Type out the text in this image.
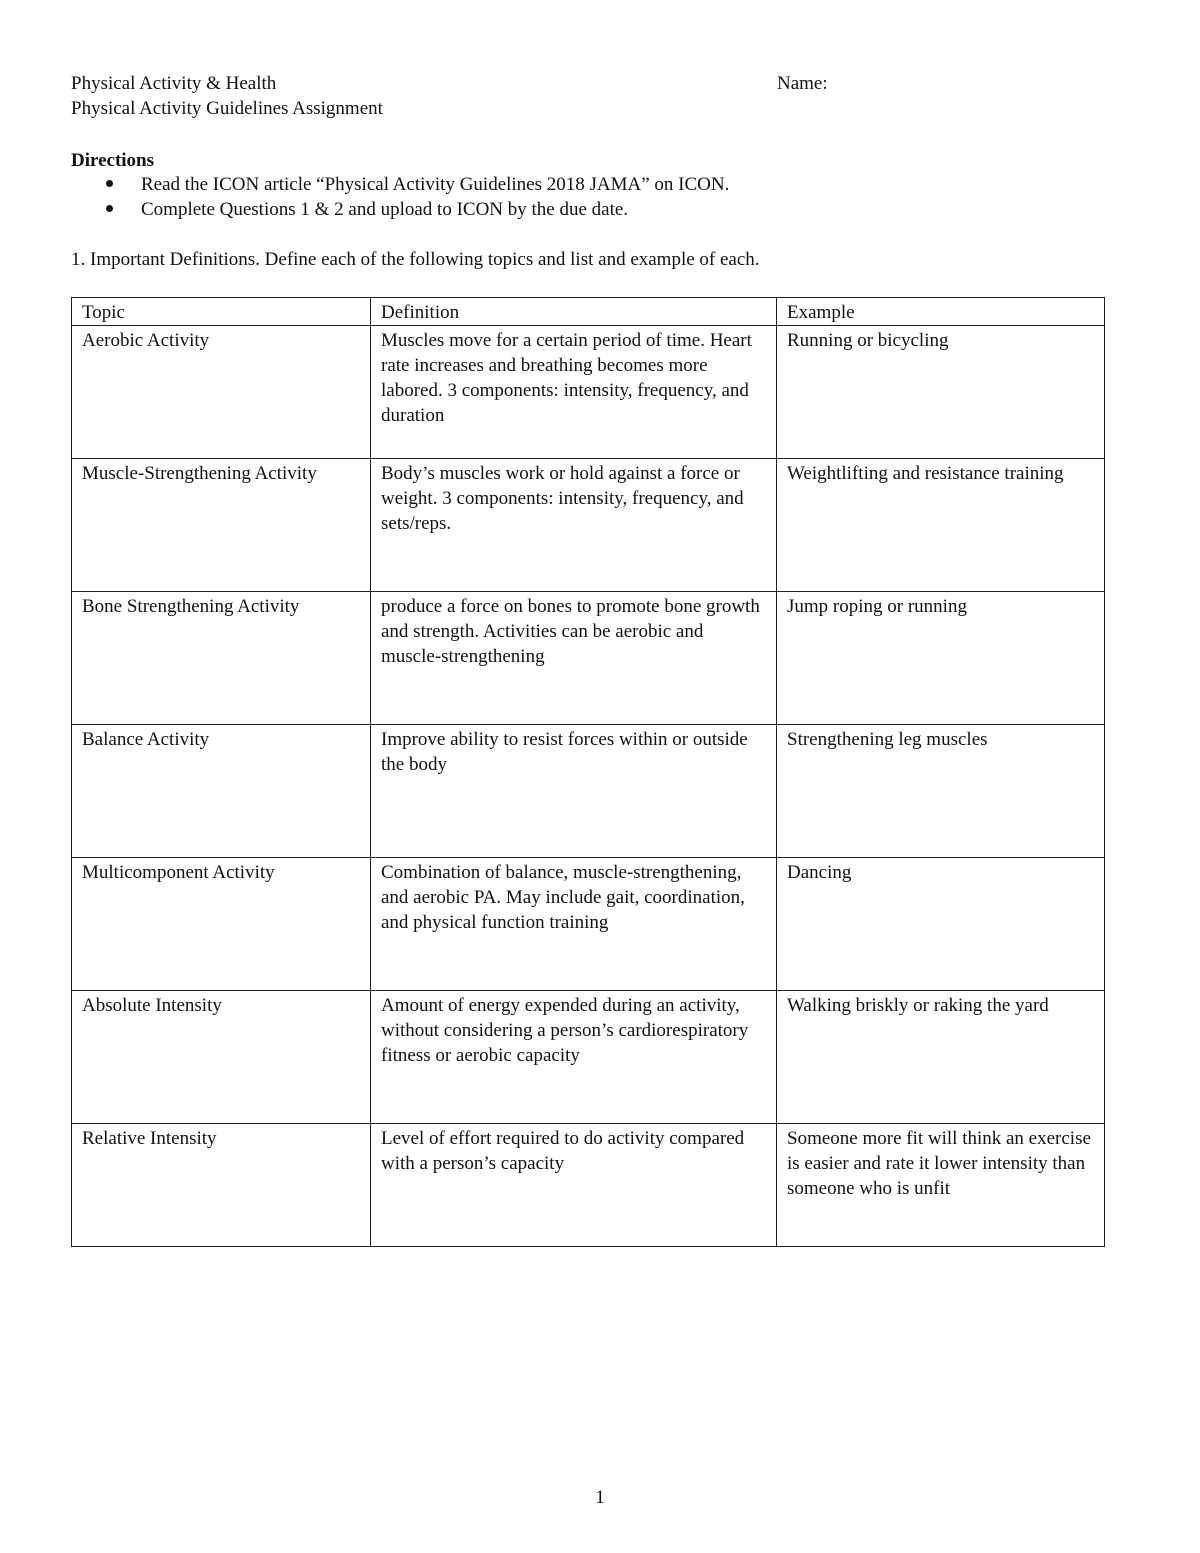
Physical Activity & Health	Name:
Physical Activity Guidelines Assignment
Directions
Read the ICON article “Physical Activity Guidelines 2018 JAMA” on ICON.
Complete Questions 1 & 2 and upload to ICON by the due date.
1. Important Definitions. Define each of the following topics and list and example of each.
Topic	Definition	Example
Aerobic Activity	Muscles move for a certain period of time. Heart rate increases and breathing becomes more labored. 3 components: intensity, frequency, and duration	Running or bicycling
Muscle-Strengthening Activity	Body’s muscles work or hold against a force or weight. 3 components: intensity, frequency, and sets/reps.	Weightlifting and resistance training
Bone Strengthening Activity	produce a force on bones to promote bone growth and strength. Activities can be aerobic and muscle-strengthening	Jump roping or running
Balance Activity	Improve ability to resist forces within or outside the body	Strengthening leg muscles
Multicomponent Activity	Combination of balance, muscle-strengthening, and aerobic PA. May include gait, coordination, and physical function training	Dancing
Absolute Intensity	Amount of energy expended during an activity, without considering a person’s cardiorespiratory fitness or aerobic capacity	Walking briskly or raking the yard
Relative Intensity	Level of effort required to do activity compared with a person’s capacity	Someone more fit will think an exercise is easier and rate it lower intensity than someone who is unfit
1
